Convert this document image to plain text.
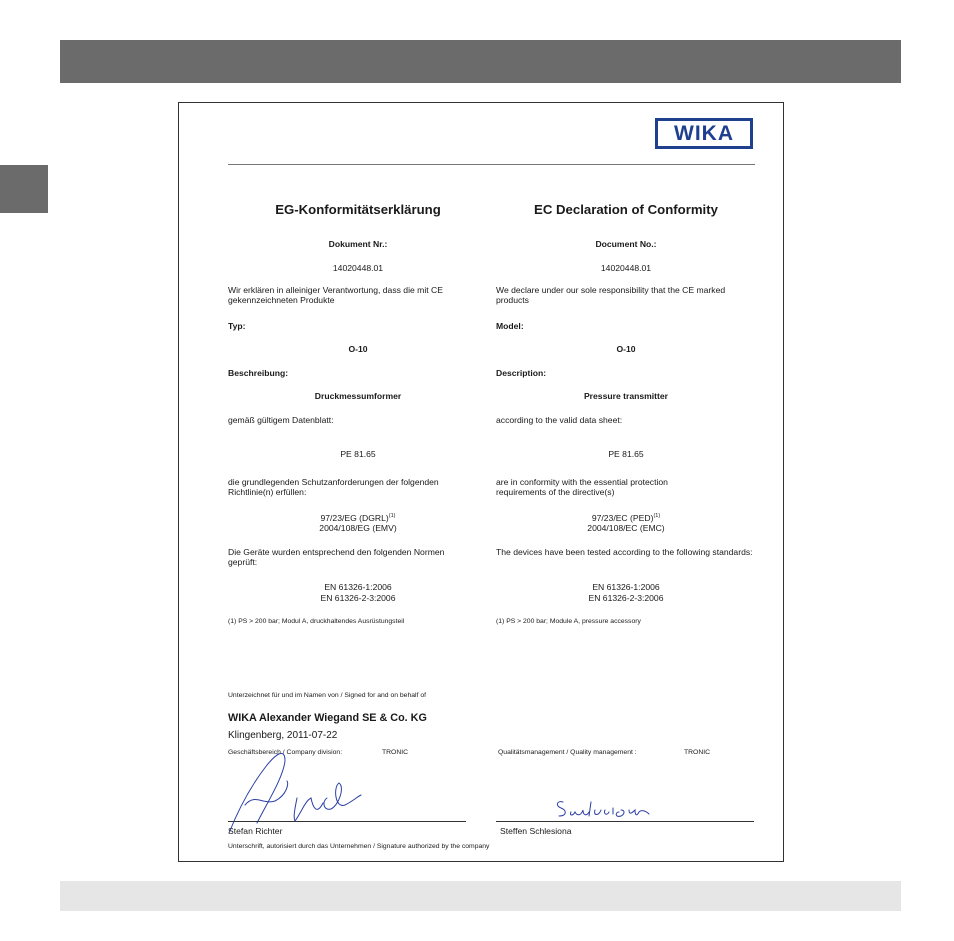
WIKA
EG-Konformitätserklärung
Dokument Nr.:
14020448.01
Wir erklären in alleiniger Verantwortung, dass die mit CE gekennzeichneten Produkte
Typ:
O-10
Beschreibung:
Druckmessumformer
gemäß gültigem Datenblatt:
PE 81.65
die grundlegenden Schutzanforderungen der folgenden Richtlinie(n) erfüllen:
97/23/EG (DGRL)$^{(1)}$
2004/108/EG (EMV)
Die Geräte wurden entsprechend den folgenden Normen geprüft:
EN 61326-1:2006
EN 61326-2-3:2006
(1) PS > 200 bar; Modul A, druckhaltendes Ausrüstungsteil
EC Declaration of Conformity
Document No.:
14020448.01
We declare under our sole responsibility that the CE marked products
Model:
O-10
Description:
Pressure transmitter
according to the valid data sheet:
PE 81.65
are in conformity with the essential protection requirements of the directive(s)
97/23/EC (PED)$^{(1)}$
2004/108/EC (EMC)
The devices have been tested according to the following standards:
EN 61326-1:2006
EN 61326-2-3:2006
(1) PS > 200 bar; Module A, pressure accessory
Unterzeichnet für und im Namen von / Signed for and on behalf of
WIKA Alexander Wiegand SE & Co. KG
Klingenberg, 2011-07-22
Geschäftsbereich / Company division:	TRONIC	Qualitätsmanagement / Quality management :	TRONIC
Stefan Richter	Steffen Schlesiona
Unterschrift, autorisiert durch das Unternehmen / Signature authorized by the company
